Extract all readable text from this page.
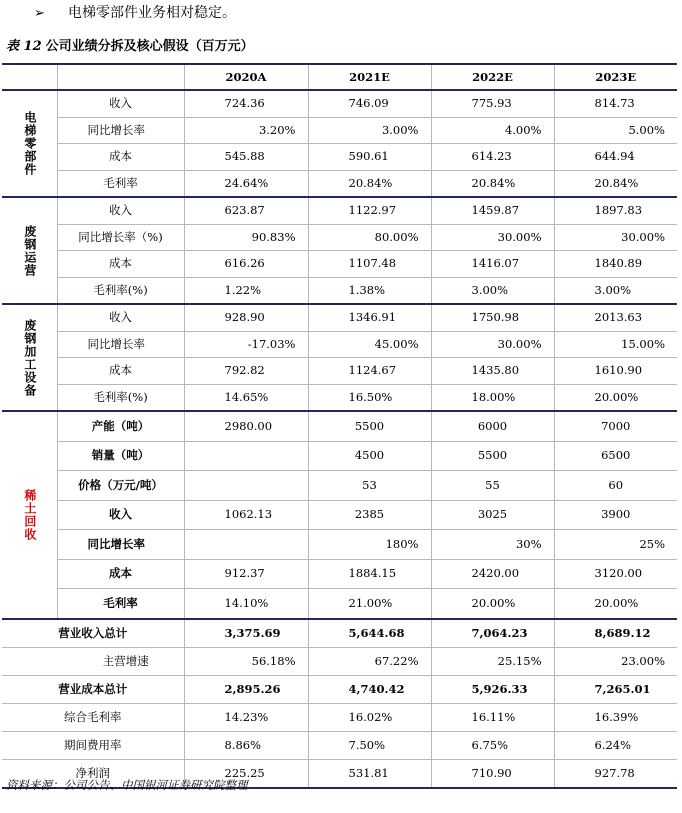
➢ 电梯零部件业务相对稳定。
表 12 公司业绩分拆及核心假设（百万元）
		2020A	2021E	2022E	2023E
电梯零部件	收入	724.36	746.09	775.93	814.73
	同比增长率	3.20%	3.00%	4.00%	5.00%
	成本	545.88	590.61	614.23	644.94
	毛利率	24.64%	20.84%	20.84%	20.84%
废钢运营	收入	623.87	1122.97	1459.87	1897.83
	同比增长率（%)	90.83%	80.00%	30.00%	30.00%
	成本	616.26	1107.48	1416.07	1840.89
	毛利率(%)	1.22%	1.38%	3.00%	3.00%
废钢加工设备	收入	928.90	1346.91	1750.98	2013.63
	同比增长率	-17.03%	45.00%	30.00%	15.00%
	成本	792.82	1124.67	1435.80	1610.90
	毛利率(%)	14.65%	16.50%	18.00%	20.00%
稀土回收	产能（吨）	2980.00	5500	6000	7000
	销量（吨）		4500	5500	6500
	价格（万元/吨）		53	55	60
	收入	1062.13	2385	3025	3900
	同比增长率		180%	30%	25%
	成本	912.37	1884.15	2420.00	3120.00
	毛利率	14.10%	21.00%	20.00%	20.00%
营业收入总计		3,375.69	5,644.68	7,064.23	8,689.12
主营增速		56.18%	67.22%	25.15%	23.00%
营业成本总计		2,895.26	4,740.42	5,926.33	7,265.01
综合毛利率		14.23%	16.02%	16.11%	16.39%
期间费用率		8.86%	7.50%	6.75%	6.24%
净利润		225.25	531.81	710.90	927.78
资料来源：公司公告、中国银河证券研究院整理
